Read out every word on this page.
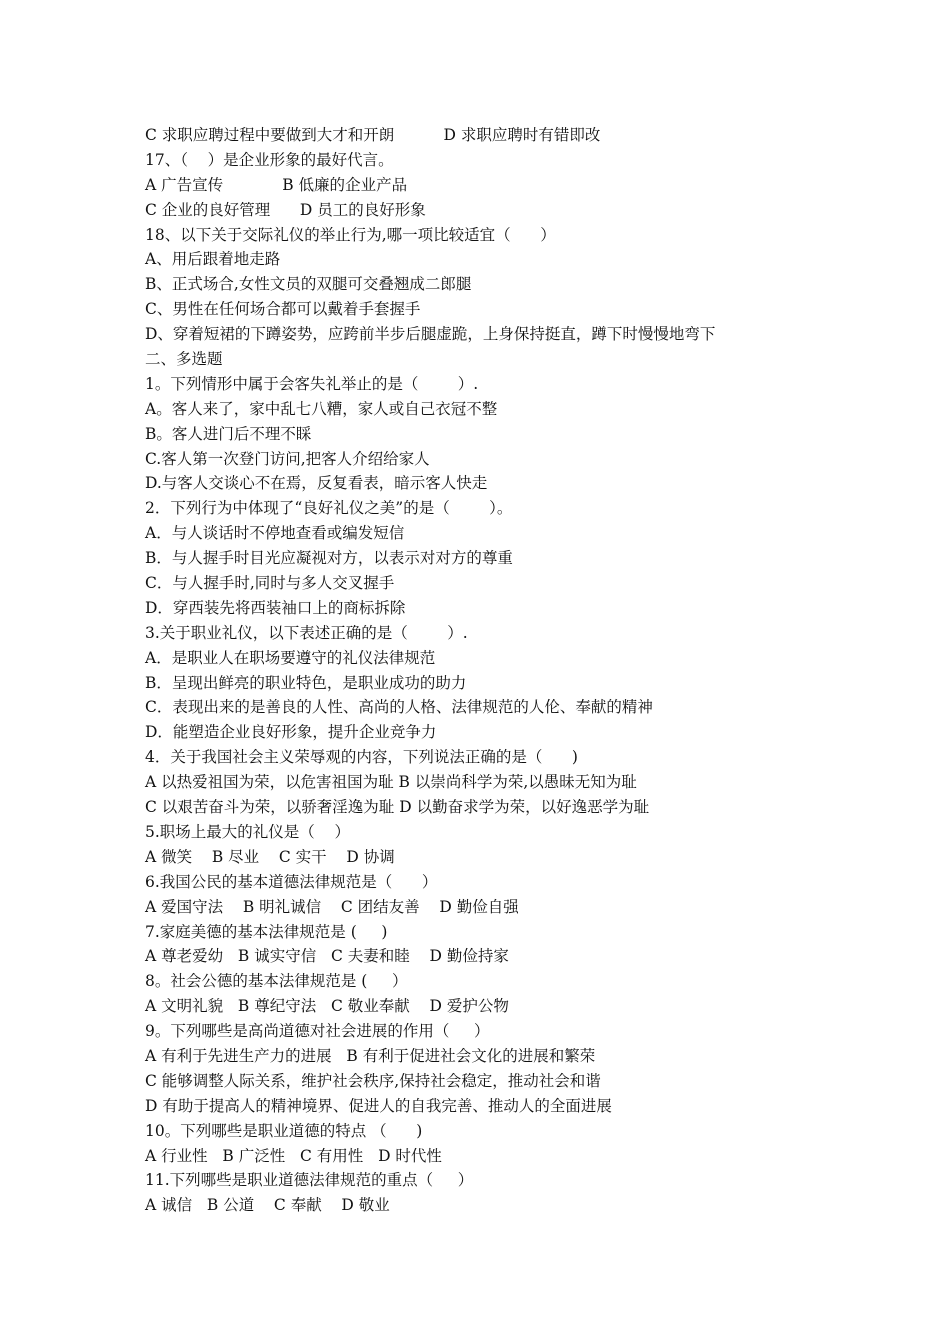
C 求职应聘过程中要做到大才和开朗          D 求职应聘时有错即改
17、（    ）是企业形象的最好代言。
A 广告宣传            B 低廉的企业产品
C 企业的良好管理      D 员工的良好形象
18、以下关于交际礼仪的举止行为,哪一项比较适宜（      ）
A、用后跟着地走路
B、正式场合,女性文员的双腿可交叠翘成二郎腿
C、男性在任何场合都可以戴着手套握手
D、穿着短裙的下蹲姿势，应跨前半步后腿虚跪，上身保持挺直，蹲下时慢慢地弯下
二、多选题
1。下列情形中属于会客失礼举止的是（        ）.
A。客人来了，家中乱七八糟，家人或自己衣冠不整
B。客人进门后不理不睬
C.客人第一次登门访问,把客人介绍给家人
D.与客人交谈心不在焉，反复看表，暗示客人快走
2．下列行为中体现了“良好礼仪之美”的是（        ）。
A．与人谈话时不停地查看或编发短信
B．与人握手时目光应凝视对方，以表示对对方的尊重
C．与人握手时,同时与多人交叉握手
D．穿西装先将西装袖口上的商标拆除
3.关于职业礼仪，以下表述正确的是（        ）.
A．是职业人在职场要遵守的礼仪法律规范
B．呈现出鲜亮的职业特色，是职业成功的助力
C．表现出来的是善良的人性、高尚的人格、法律规范的人伦、奉献的精神
D．能塑造企业良好形象，提升企业竞争力
4．关于我国社会主义荣辱观的内容，下列说法正确的是（      )
A 以热爱祖国为荣，以危害祖国为耻 B 以崇尚科学为荣,以愚昧无知为耻
C 以艰苦奋斗为荣，以骄奢淫逸为耻 D 以勤奋求学为荣，以好逸恶学为耻
5.职场上最大的礼仪是（    ）
A 微笑    B 尽业    C 实干    D 协调
6.我国公民的基本道德法律规范是（      ）
A 爱国守法    B 明礼诚信    C 团结友善    D 勤俭自强
7.家庭美德的基本法律规范是 (     )
A 尊老爱幼   B 诚实守信   C 夫妻和睦    D 勤俭持家
8。社会公德的基本法律规范是 (     ）
A 文明礼貌   B 尊纪守法   C 敬业奉献    D 爱护公物
9。下列哪些是高尚道德对社会进展的作用（     ）
A 有利于先进生产力的进展   B 有利于促进社会文化的进展和繁荣
C 能够调整人际关系，维护社会秩序,保持社会稳定，推动社会和谐
D 有助于提高人的精神境界、促进人的自我完善、推动人的全面进展
10。下列哪些是职业道德的特点 （      )
A 行业性   B 广泛性   C 有用性   D 时代性
11.下列哪些是职业道德法律规范的重点（     ）
A 诚信   B 公道    C 奉献    D 敬业
